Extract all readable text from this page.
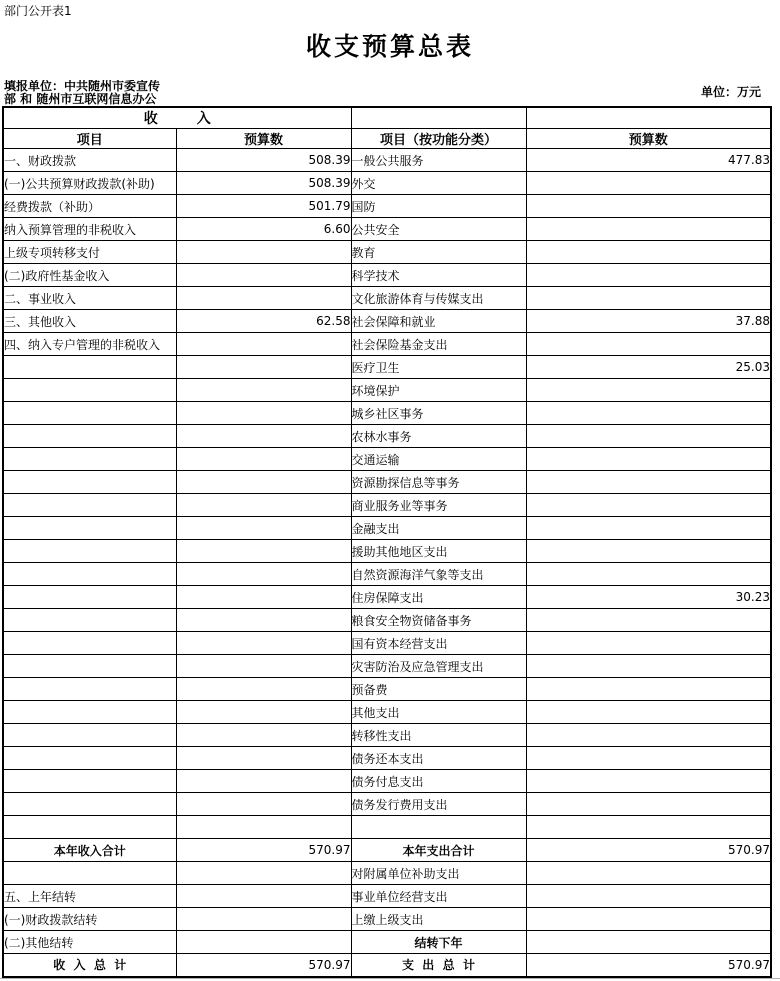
部门公开表1
收支预算总表
填报单位：中共随州市委宣传
部 和 随州市互联网信息办公	单位：万元
收        入			
项目	预算数	项目（按功能分类）	预算数
一、财政拨款	508.39	一般公共服务	477.83
(一)公共预算财政拨款(补助)	508.39	外交	
经费拨款（补助）	501.79	国防	
纳入预算管理的非税收入	6.60	公共安全	
上级专项转移支付		教育	
(二)政府性基金收入		科学技术	
二、事业收入		文化旅游体育与传媒支出	
三、其他收入	62.58	社会保障和就业	37.88
四、纳入专户管理的非税收入		社会保险基金支出	
		医疗卫生	25.03
		环境保护	
		城乡社区事务	
		农林水事务	
		交通运输	
		资源勘探信息等事务	
		商业服务业等事务	
		金融支出	
		援助其他地区支出	
		自然资源海洋气象等支出	
		住房保障支出	30.23
		粮食安全物资储备事务	
		国有资本经营支出	
		灾害防治及应急管理支出	
		预备费	
		其他支出	
		转移性支出	
		债务还本支出	
		债务付息支出	
		债务发行费用支出	

本年收入合计	570.97	本年支出合计	570.97
		对附属单位补助支出	
五、上年结转		事业单位经营支出	
(一)财政拨款结转		上缴上级支出	
(二)其他结转		结转下年	
收  入  总  计	570.97	支  出  总  计	570.97
